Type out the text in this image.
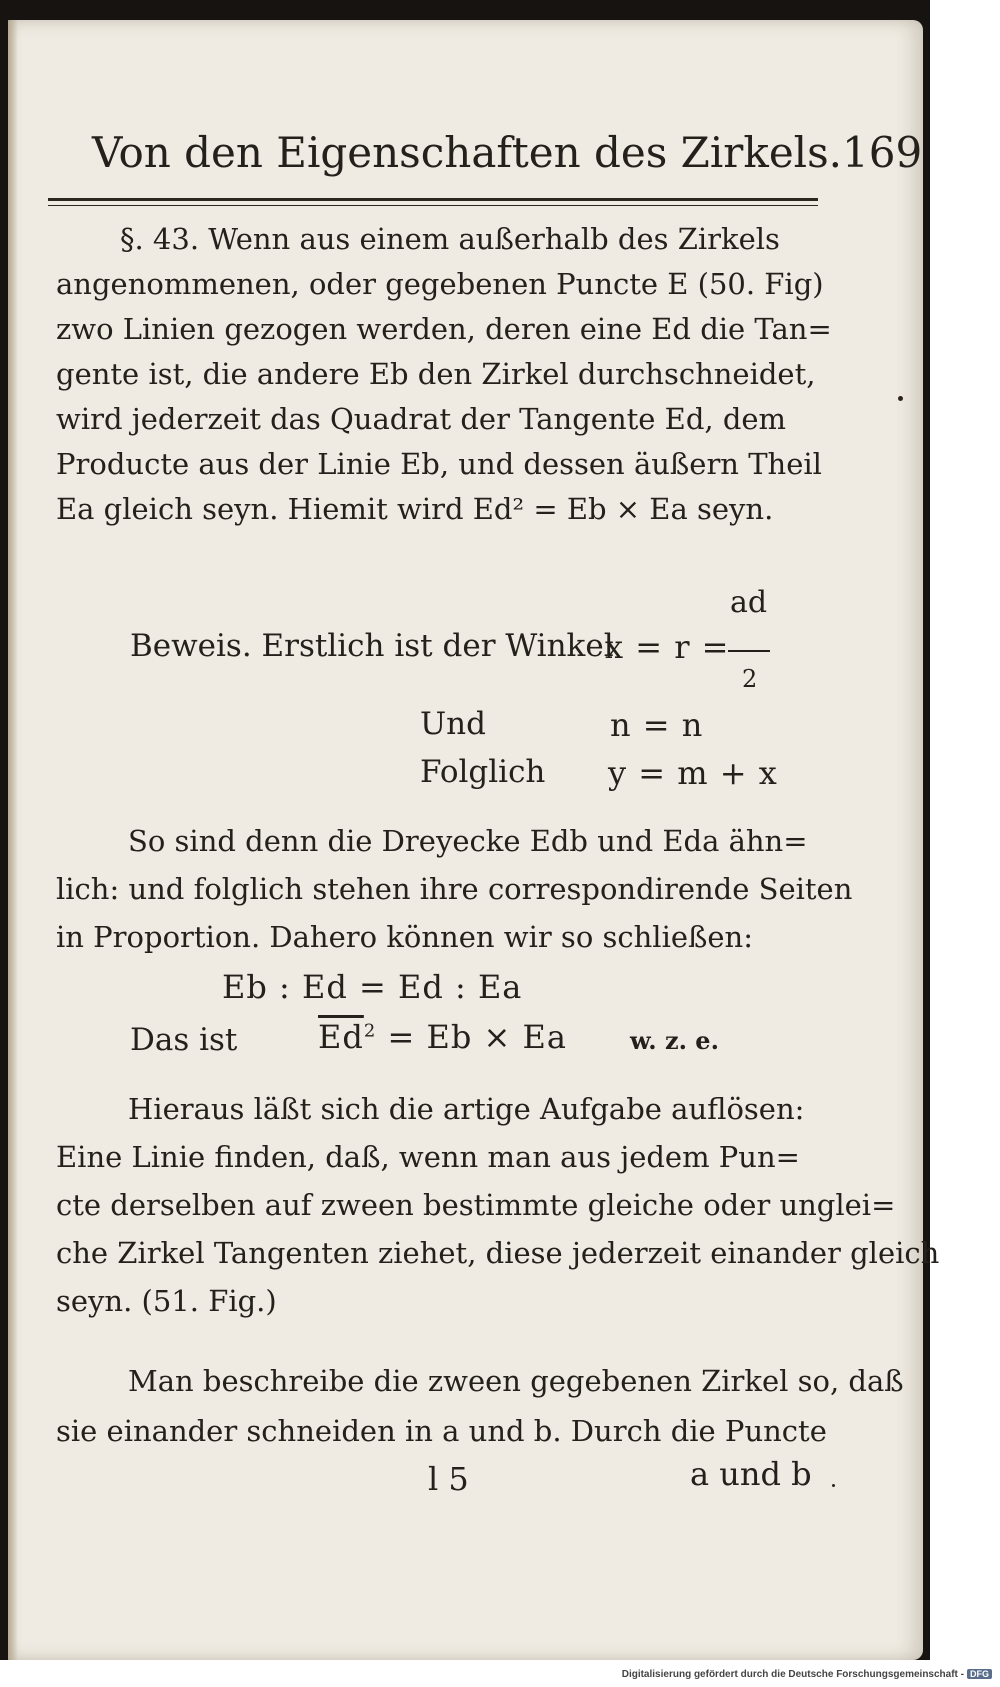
Von den Eigenschaften des Zirkels. 169
§. 43. Wenn aus einem außerhalb des Zirkels
angenommenen, oder gegebenen Puncte E (50. Fig)
zwo Linien gezogen werden, deren eine Ed die Tan=
gente ist, die andere Eb den Zirkel durchschneidet,
wird jederzeit das Quadrat der Tangente Ed, dem
Producte aus der Linie Eb, und dessen äußern Theil
Ea gleich seyn. Hiemit wird Ed² = Eb × Ea seyn.
ad
2
Beweis. Erstlich ist der Winkel
x = r =
Und	n = n
Folglich	y = m + x
So sind denn die Dreyecke Edb und Eda ähn=
lich: und folglich stehen ihre correspondirende Seiten
in Proportion. Dahero können wir so schließen:
Eb : Ed = Ed : Ea
Das ist	$\overline{Ed}^2 = Eb \times Ea$	w. z. e.
Hieraus läßt sich die artige Aufgabe auflösen:
Eine Linie finden, daß, wenn man aus jedem Pun=
cte derselben auf zween bestimmte gleiche oder unglei=
che Zirkel Tangenten ziehet, diese jederzeit einander gleich
seyn. (51. Fig.)
Man beschreibe die zween gegebenen Zirkel so, daß
sie einander schneiden in a und b. Durch die Puncte
l 5	a und b
Digitalisierung gefördert durch die Deutsche Forschungsgemeinschaft - DFG
